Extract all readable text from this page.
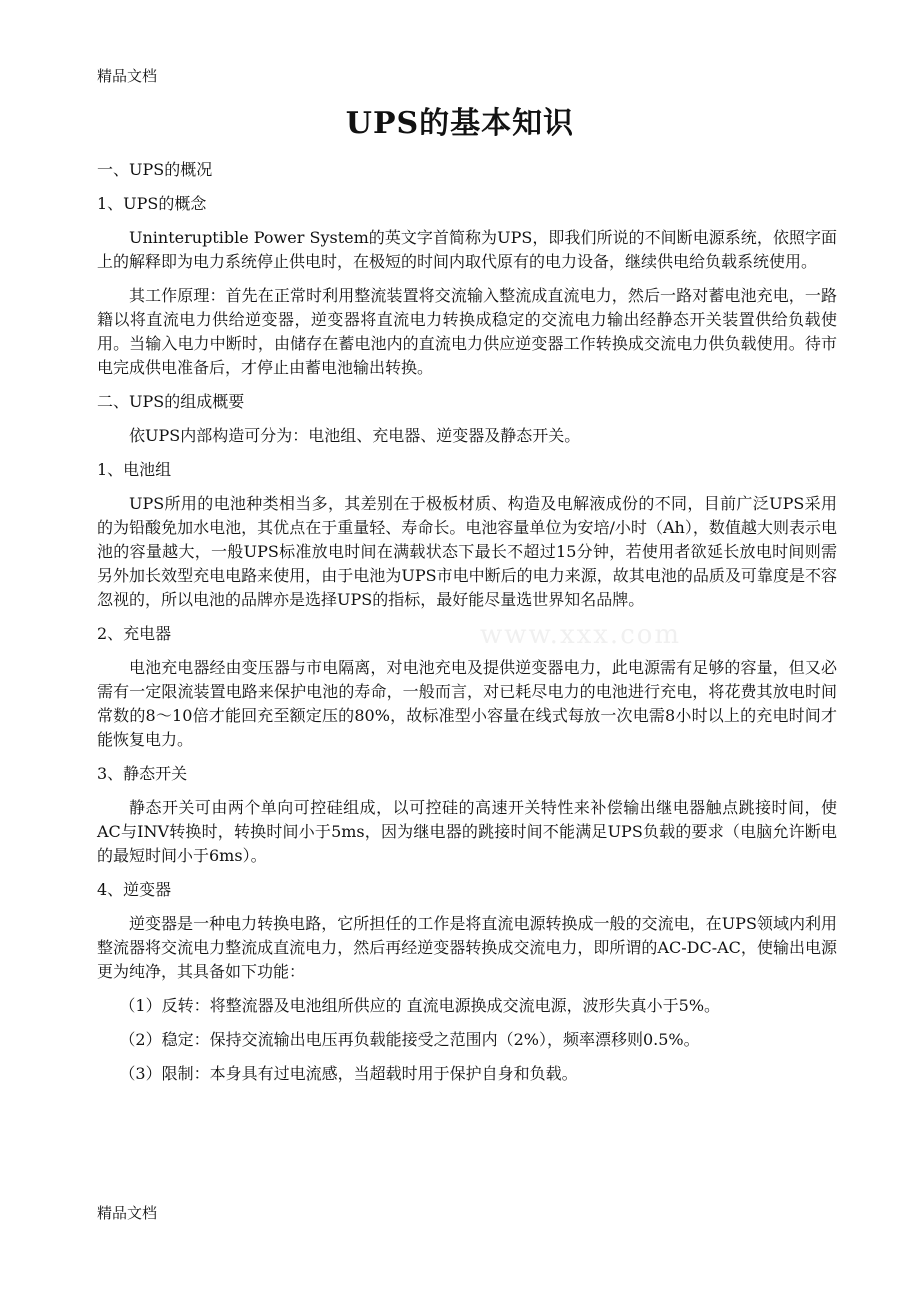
精品文档
www.xxx.com
UPS的基本知识

一、UPS的概况

1、UPS的概念

Uninteruptible Power System的英文字首简称为UPS，即我们所说的不间断电源系统，依照字面上的解释即为电力系统停止供电时，在极短的时间内取代原有的电力设备，继续供电给负载系统使用。

其工作原理：首先在正常时利用整流装置将交流输入整流成直流电力，然后一路对蓄电池充电，一路籍以将直流电力供给逆变器，逆变器将直流电力转换成稳定的交流电力输出经静态开关装置供给负载使用。当输入电力中断时，由储存在蓄电池内的直流电力供应逆变器工作转换成交流电力供负载使用。待市电完成供电准备后，才停止由蓄电池输出转换。

二、UPS的组成概要

依UPS内部构造可分为：电池组、充电器、逆变器及静态开关。

1、电池组

UPS所用的电池种类相当多，其差别在于极板材质、构造及电解液成份的不同，目前广泛UPS采用的为铅酸免加水电池，其优点在于重量轻、寿命长。电池容量单位为安培/小时（Ah），数值越大则表示电池的容量越大，一般UPS标准放电时间在满载状态下最长不超过15分钟，若使用者欲延长放电时间则需另外加长效型充电电路来使用，由于电池为UPS市电中断后的电力来源，故其电池的品质及可靠度是不容忽视的，所以电池的品牌亦是选择UPS的指标，最好能尽量选世界知名品牌。

2、充电器

电池充电器经由变压器与市电隔离，对电池充电及提供逆变器电力，此电源需有足够的容量，但又必需有一定限流装置电路来保护电池的寿命，一般而言，对已耗尽电力的电池进行充电，将花费其放电时间常数的8～10倍才能回充至额定压的80%，故标准型小容量在线式每放一次电需8小时以上的充电时间才能恢复电力。

3、静态开关

静态开关可由两个单向可控硅组成，以可控硅的高速开关特性来补偿输出继电器触点跳接时间，使AC与INV转换时，转换时间小于5ms，因为继电器的跳接时间不能满足UPS负载的要求（电脑允许断电的最短时间小于6ms）。

4、逆变器

逆变器是一种电力转换电路，它所担任的工作是将直流电源转换成一般的交流电，在UPS领域内利用整流器将交流电力整流成直流电力，然后再经逆变器转换成交流电力，即所谓的AC-DC-AC，使输出电源更为纯净，其具备如下功能：

（1）反转：将整流器及电池组所供应的 直流电源换成交流电源，波形失真小于5%。

（2）稳定：保持交流输出电压再负载能接受之范围内（2%），频率漂移则0.5%。

（3）限制：本身具有过电流感，当超载时用于保护自身和负载。

精品文档
